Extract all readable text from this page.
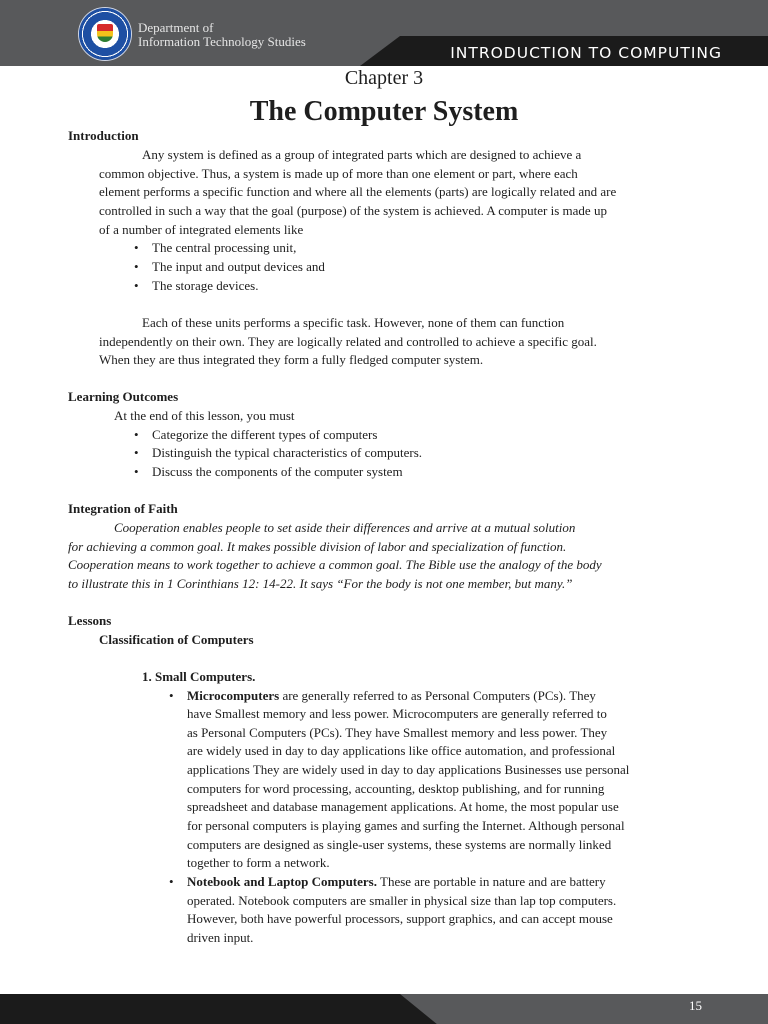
Department of
Information Technology Studies
INTRODUCTION TO COMPUTING
Chapter 3
The Computer System
Introduction
Any system is defined as a group of integrated parts which are designed to achieve a
common objective. Thus, a system is made up of more than one element or part, where each
element performs a specific function and where all the elements (parts) are logically related and are
controlled in such a way that the goal (purpose) of the system is achieved. A computer is made up
of a number of integrated elements like
• The central processing unit,
• The input and output devices and
• The storage devices.
Each of these units performs a specific task. However, none of them can function
independently on their own. They are logically related and controlled to achieve a specific goal.
When they are thus integrated they form a fully fledged computer system.
Learning Outcomes
At the end of this lesson, you must
• Categorize the different types of computers
• Distinguish the typical characteristics of computers.
• Discuss the components of the computer system
Integration of Faith
Cooperation enables people to set aside their differences and arrive at a mutual solution
for achieving a common goal. It makes possible division of labor and specialization of function.
Cooperation means to work together to achieve a common goal. The Bible use the analogy of the body
to illustrate this in 1 Corinthians 12: 14-22. It says “For the body is not one member, but many.”
Lessons
Classification of Computers
1. Small Computers.
• Microcomputers are generally referred to as Personal Computers (PCs). They
have Smallest memory and less power. Microcomputers are generally referred to
as Personal Computers (PCs). They have Smallest memory and less power. They
are widely used in day to day applications like office automation, and professional
applications They are widely used in day to day applications Businesses use personal
computers for word processing, accounting, desktop publishing, and for running
spreadsheet and database management applications. At home, the most popular use
for personal computers is playing games and surfing the Internet. Although personal
computers are designed as single-user systems, these systems are normally linked
together to form a network.
• Notebook and Laptop Computers. These are portable in nature and are battery
operated. Notebook computers are smaller in physical size than lap top computers.
However, both have powerful processors, support graphics, and can accept mouse
driven input.
15
